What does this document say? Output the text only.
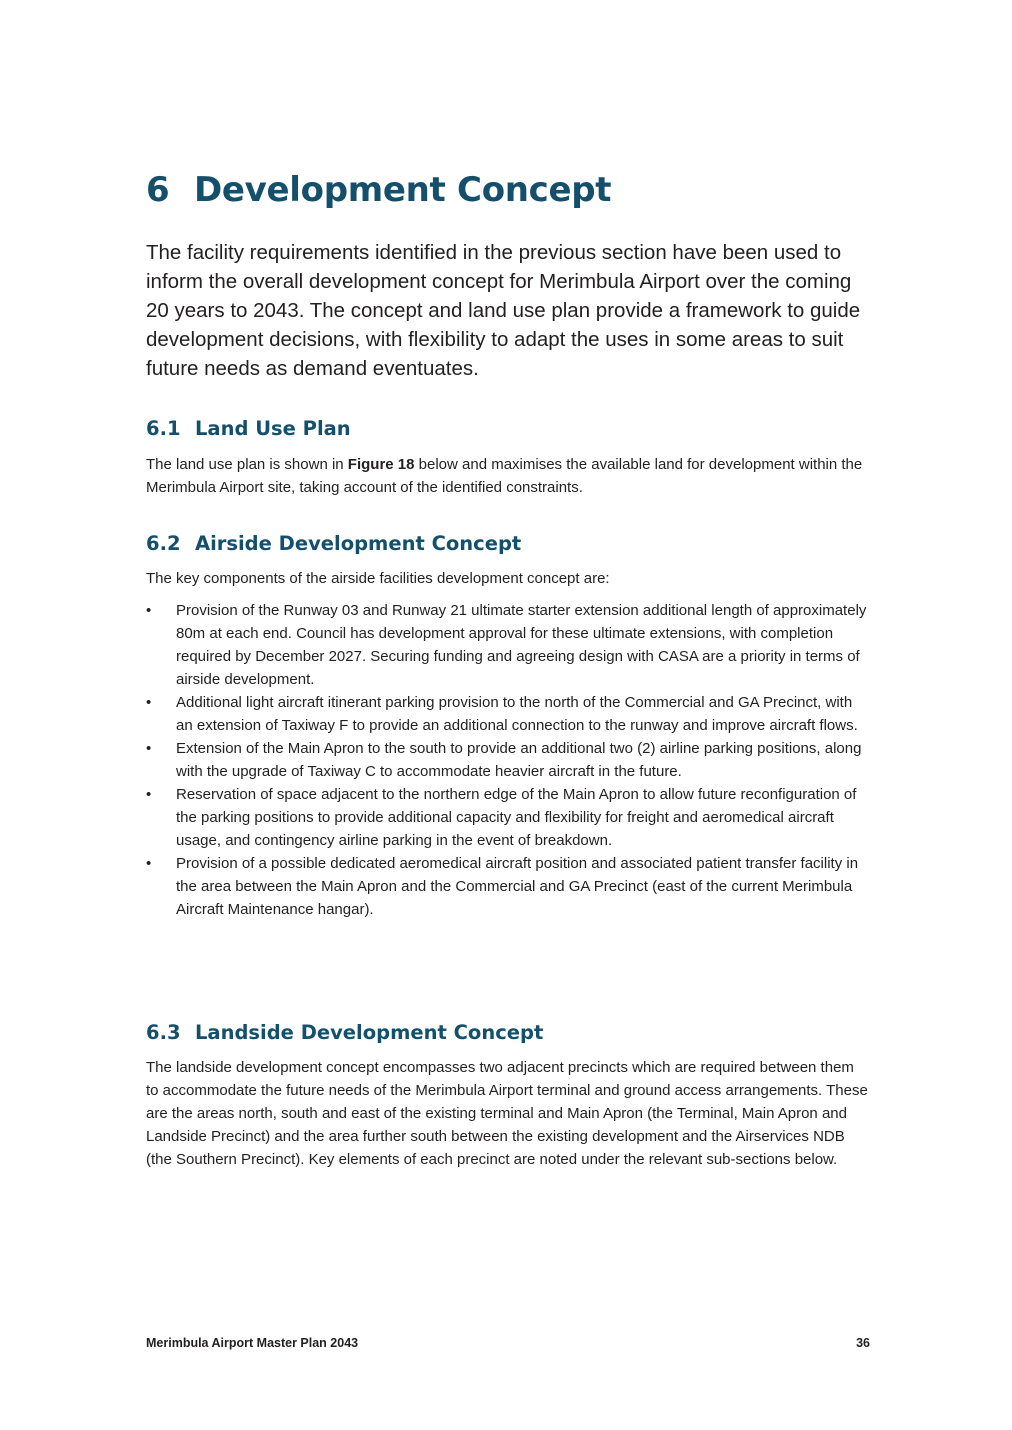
6 Development Concept

The facility requirements identified in the previous section have been used to inform the overall development concept for Merimbula Airport over the coming 20 years to 2043. The concept and land use plan provide a framework to guide development decisions, with flexibility to adapt the uses in some areas to suit future needs as demand eventuates.

6.1 Land Use Plan

The land use plan is shown in Figure 18 below and maximises the available land for development within the Merimbula Airport site, taking account of the identified constraints.

6.2 Airside Development Concept

The key components of the airside facilities development concept are:

•	Provision of the Runway 03 and Runway 21 ultimate starter extension additional length of approximately 80m at each end. Council has development approval for these ultimate extensions, with completion required by December 2027. Securing funding and agreeing design with CASA are a priority in terms of airside development.
•	Additional light aircraft itinerant parking provision to the north of the Commercial and GA Precinct, with an extension of Taxiway F to provide an additional connection to the runway and improve aircraft flows.
•	Extension of the Main Apron to the south to provide an additional two (2) airline parking positions, along with the upgrade of Taxiway C to accommodate heavier aircraft in the future.
•	Reservation of space adjacent to the northern edge of the Main Apron to allow future reconfiguration of the parking positions to provide additional capacity and flexibility for freight and aeromedical aircraft usage, and contingency airline parking in the event of breakdown.
•	Provision of a possible dedicated aeromedical aircraft position and associated patient transfer facility in the area between the Main Apron and the Commercial and GA Precinct (east of the current Merimbula Aircraft Maintenance hangar).
6.3 Landside Development Concept

The landside development concept encompasses two adjacent precincts which are required between them to accommodate the future needs of the Merimbula Airport terminal and ground access arrangements. These are the areas north, south and east of the existing terminal and Main Apron (the Terminal, Main Apron and Landside Precinct) and the area further south between the existing development and the Airservices NDB (the Southern Precinct). Key elements of each precinct are noted under the relevant sub-sections below.

Merimbula Airport Master Plan 2043	36
